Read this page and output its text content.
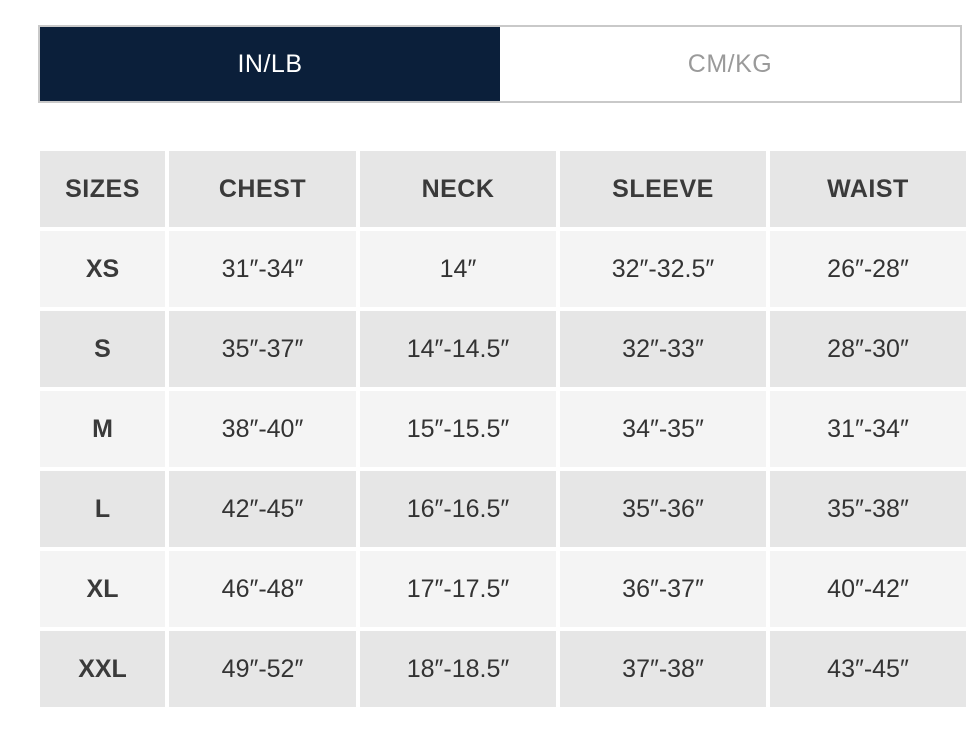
IN/LB	CM/KG
SIZES	CHEST	NECK	SLEEVE	WAIST
XS	31″-34″	14″	32″-32.5″	26″-28″
S	35″-37″	14″-14.5″	32″-33″	28″-30″
M	38″-40″	15″-15.5″	34″-35″	31″-34″
L	42″-45″	16″-16.5″	35″-36″	35″-38″
XL	46″-48″	17″-17.5″	36″-37″	40″-42″
XXL	49″-52″	18″-18.5″	37″-38″	43″-45″
